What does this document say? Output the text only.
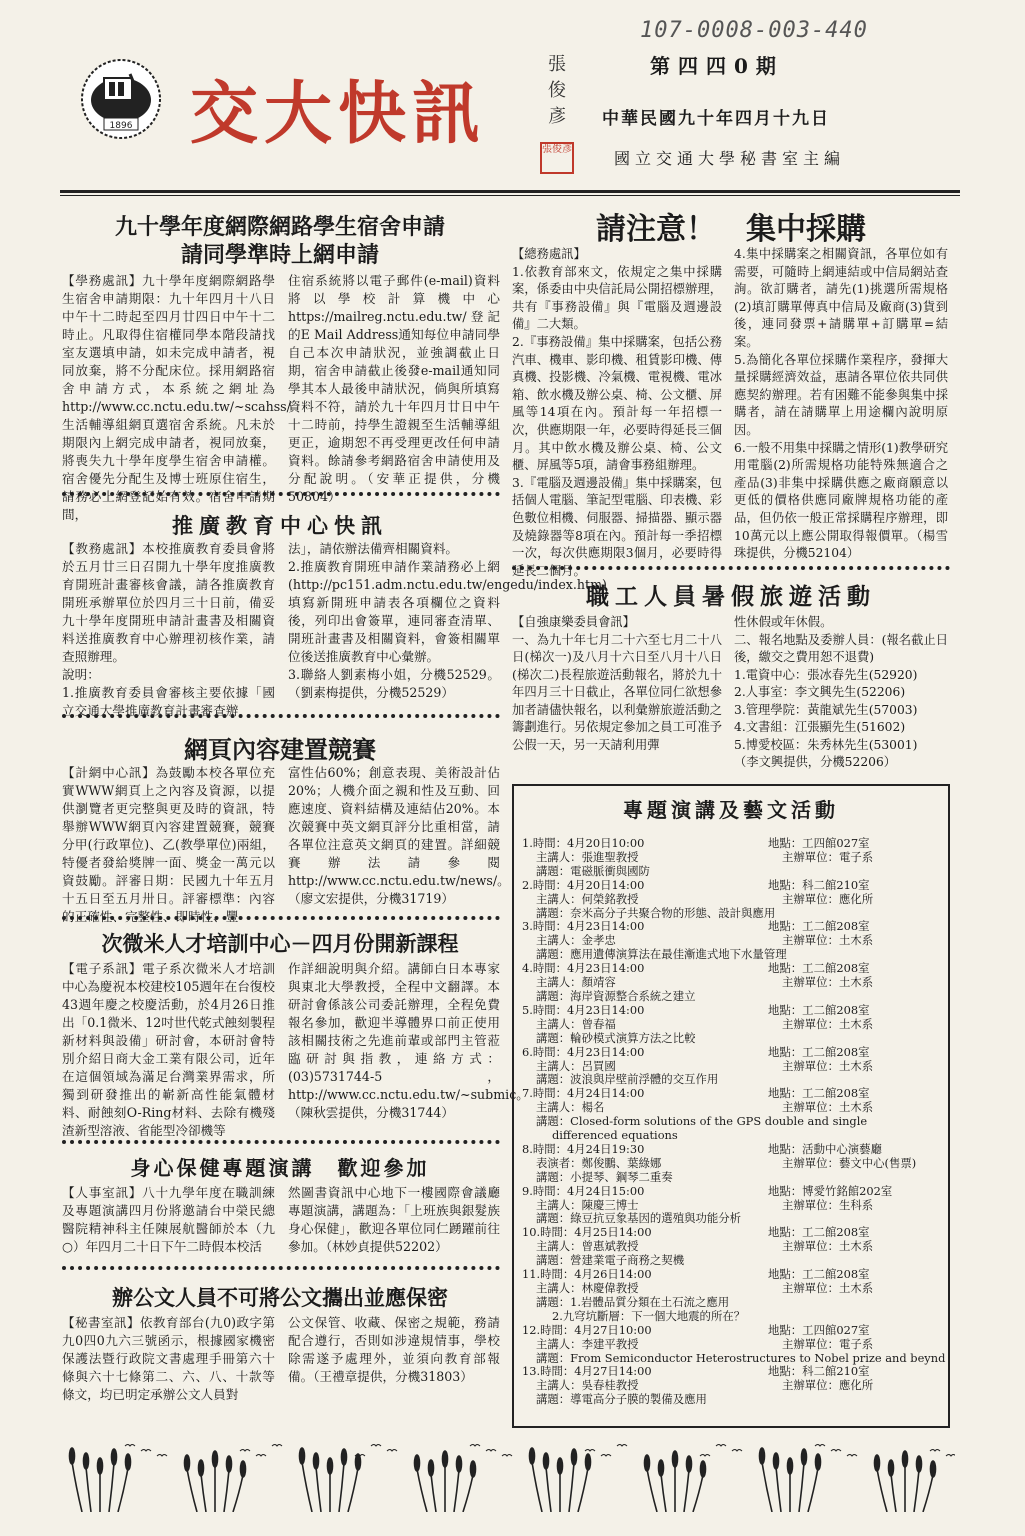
107-0008-003-440
1896 交大快訊
張俊彥
張俊彥
第四四0期
中華民國九十年四月十九日
國立交通大學秘書室主編
九十學年度網際網路學生宿舍申請
請同學準時上網申請
【學務處訊】九十學年度網際網路學生宿舍申請期限：九十年四月十八日中午十二時起至四月廿四日中午十二時止。凡取得住宿權同學本階段請找室友選填申請，如未完成申請者，視同放棄，將不分配床位。採用網路宿舍申請方式，本系統之網址為http://www.cc.nctu.edu.tw/~scahss/生活輔導組網頁選宿舍系統。凡未於期限內上網完成申請者，視同放棄，將喪失九十學年度學生宿舍申請權。宿舍優先分配生及博士班原住宿生，請務必上網登記始有效。宿舍申請期間，
住宿系統將以電子郵件(e-mail)資料將以學校計算機中心https://mailreg.nctu.edu.tw/登記的E Mail Address通知每位申請同學自己本次申請狀況，並強調截止日期，宿舍申請截止後發e-mail通知同學其本人最後申請狀況，倘與所填寫資料不符，請於九十年四月廿日中午十二時前，持學生證親至生活輔導組更正，逾期恕不再受理更改任何申請資料。餘請參考網路宿舍申請使用及分配說明。（安華正提供，分機50804）
推廣教育中心快訊
【教務處訊】本校推廣教育委員會將於五月廿三日召開九十學年度推廣教育開班計畫審核會議，請各推廣教育開班承辦單位於四月三十日前，備妥九十學年度開班申請計畫書及相關資料送推廣教育中心辦理初核作業，請查照辦理。
說明：
1.推廣教育委員會審核主要依據「國立交通大學推廣教育計畫審查辦
法」，請依辦法備齊相關資料。
2.推廣教育開班申請作業請務必上網(http://pc151.adm.nctu.edu.tw/engedu/index.htm)填寫新開班申請表各項欄位之資料後，列印出會簽單，連同審查清單、開班計畫書及相關資料，會簽相關單位後送推廣教育中心彙辦。
3.聯絡人劉素梅小姐，分機52529。（劉素梅提供，分機52529）
網頁內容建置競賽
【計網中心訊】為鼓勵本校各單位充實WWW網頁上之內容及資源，以提供瀏覽者更完整與更及時的資訊，特舉辦WWW網頁內容建置競賽，競賽分甲(行政單位)、乙(教學單位)兩組，特優者發給獎牌一面、獎金一萬元以資鼓勵。評審日期：民國九十年五月十五日至五月卅日。評審標準：內容的正確性、完整性、即時性、豐
富性佔60%；創意表現、美術設計佔20%；人機介面之親和性及互動、回應速度、資料結構及連結佔20%。本次競賽中英文網頁評分比重相當，請各單位注意英文網頁的建置。詳細競賽辦法請參閱http://www.cc.nctu.edu.tw/news/。（廖文宏提供，分機31719）
次微米人才培訓中心－四月份開新課程
【電子系訊】電子系次微米人才培訓中心為慶祝本校建校105週年在台復校43週年慶之校慶活動，於4月26日推出「0.1微米、12吋世代乾式蝕刻製程新材料與設備」研討會，本研討會特別介紹日商大金工業有限公司，近年在這個領域為滿足台灣業界需求，所獨到研發推出的嶄新高性能氣體材料、耐蝕刻O-Ring材料、去除有機殘渣新型溶液、省能型冷卻機等
作詳細說明與介紹。講師白日本專家與東北大學教授，全程中文翻譯。本研討會係該公司委託辦理，全程免費報名參加，歡迎半導體界口前正使用該相關技術之先進前輩或部門主管蒞臨研討與指教，連絡方式：(03)5731744-5，http://www.cc.nctu.edu.tw/~submic。（陳秋雲提供，分機31744）
身心保健專題演講　歡迎參加
【人事室訊】八十九學年度在職訓練及專題演講四月份將邀請台中榮民總醫院精神科主任陳展航醫師於本（九○）年四月二十日下午二時假本校活
然圖書資訊中心地下一樓國際會議廳專題演講，講題為：「上班族與銀髮族身心保健」，歡迎各單位同仁踴躍前往參加。（林妙貞提供52202）
辦公文人員不可將公文攜出並應保密
【秘書室訊】依教育部台(九0)政字第九0四0九六三號函示，根據國家機密保護法暨行政院文書處理手冊第六十條與六十七條第二、六、八、十款等條文，均已明定承辦公文人員對
公文保管、收藏、保密之規範，務請配合遵行，否則如涉違規情事，學校除需遂予處理外，並須向教育部報備。（王禮章提供，分機31803）
請注意！　集中採購
【總務處訊】
1.依教育部來文，依規定之集中採購案，係委由中央信託局公開招標辦理，共有『事務設備』與『電腦及週邊設備』二大類。
2.『事務設備』集中採購案，包括公務汽車、機車、影印機、租賃影印機、傳真機、投影機、冷氣機、電視機、電冰箱、飲水機及辦公桌、椅、公文櫃、屏風等14項在內。預計每一年招標一次，供應期限一年，必要時得延長三個月。其中飲水機及辦公桌、椅、公文櫃、屏風等5項，請會事務組辦理。
3.『電腦及週邊設備』集中採購案，包括個人電腦、筆記型電腦、印表機、彩色數位相機、伺服器、掃描器、顯示器及燒錄器等8項在內。預計每一季招標一次，每次供應期限3個月，必要時得延長二個月。
4.集中採購案之相關資訊，各單位如有需要，可隨時上網連結或中信局網站查詢。欲訂購者，請先(1)挑選所需規格(2)填訂購單傳真中信局及廠商(3)貨到後，連同發票+請購單+訂購單=結案。
5.為簡化各單位採購作業程序，發揮大量採購經濟效益，惠請各單位依共同供應契約辦理。若有困難不能參與集中採購者，請在請購單上用途欄內說明原因。
6.一般不用集中採購之情形(1)教學研究用電腦(2)所需規格功能特殊無適合之產品(3)非集中採購供應之廠商願意以更低的價格供應同廠牌規格功能的產品，但仍依一般正常採購程序辦理，即10萬元以上應公開取得報價單。（楊雪珠提供，分機52104）
職工人員暑假旅遊活動
【自強康樂委員會訊】
一、為九十年七月二十六至七月二十八日(梯次一)及八月十六日至八月十八日(梯次二)長程旅遊活動報名，將於九十年四月三十日截止，各單位同仁欲想參加者請儘快報名，以利彙辦旅遊活動之籌劃進行。另依規定參加之員工可准予公假一天，另一天請利用彈
性休假或年休假。
二、報名地點及委辦人員：(報名截止日後，繳交之費用恕不退費)
1.電資中心：張冰春先生(52920)
2.人事室：李文興先生(52206)
3.管理學院：黃龍斌先生(57003)
4.文書組：江張顯先生(51602)
5.博愛校區：朱秀林先生(53001)
（李文興提供，分機52206）
專題演講及藝文活動
1.時間：4月20日10:00	地點：工四館027室
主講人：張進聖教授	主辦單位：電子系
講題：電磁脈衝與國防
2.時間：4月20日14:00	地點：科二館210室
主講人：何榮銘教授	主辦單位：應化所
講題：奈米高分子共聚合物的形態、設計與應用
3.時間：4月23日14:00	地點：工二館208室
主講人：金孝忠	主辦單位：土木系
講題：應用遺傳演算法在最佳漸進式地下水量管理
4.時間：4月23日14:00	地點：工二館208室
主講人：顏靖容	主辦單位：土木系
講題：海岸資源整合系統之建立
5.時間：4月23日14:00	地點：工二館208室
主講人：曾春福	主辦單位：土木系
講題：輪砂模式演算方法之比較
6.時間：4月23日14:00	地點：工二館208室
主講人：呂買國	主辦單位：土木系
講題：波浪與岸壁前浮體的交互作用
7.時間：4月24日14:00	地點：工二館208室
主講人：楊名	主辦單位：土木系
講題：Closed-form solutions of the GPS double and single
differenced equations
8.時間：4月24日19:30	地點：活動中心演藝廳
表演者：鄭俊鵬、葉綠娜	主辦單位：藝文中心(售票)
講題：小提琴、鋼琴二重奏
9.時間：4月24日15:00	地點：博愛竹銘館202室
主講人：陳慶三博士	主辦單位：生科系
講題：綠豆抗豆象基因的選殖與功能分析
10.時間：4月25日14:00	地點：工二館208室
主講人：曾惠斌教授	主辦單位：土木系
講題：營建業電子商務之契機
11.時間：4月26日14:00	地點：工二館208室
主講人：林慶偉教授	主辦單位：土木系
講題：1.岩體品質分類在土石流之應用
2.九穹坑斷層：下一個大地震的所在？
12.時間：4月27日10:00	地點：工四館027室
主講人：李建平教授	主辦單位：電子系
講題：From Semiconductor Heterostructures to Nobel prize and beynd
13.時間：4月27日14:00	地點：科二館210室
主講人：吳春桂教授	主辦單位：應化所
講題：導電高分子膜的製備及應用
